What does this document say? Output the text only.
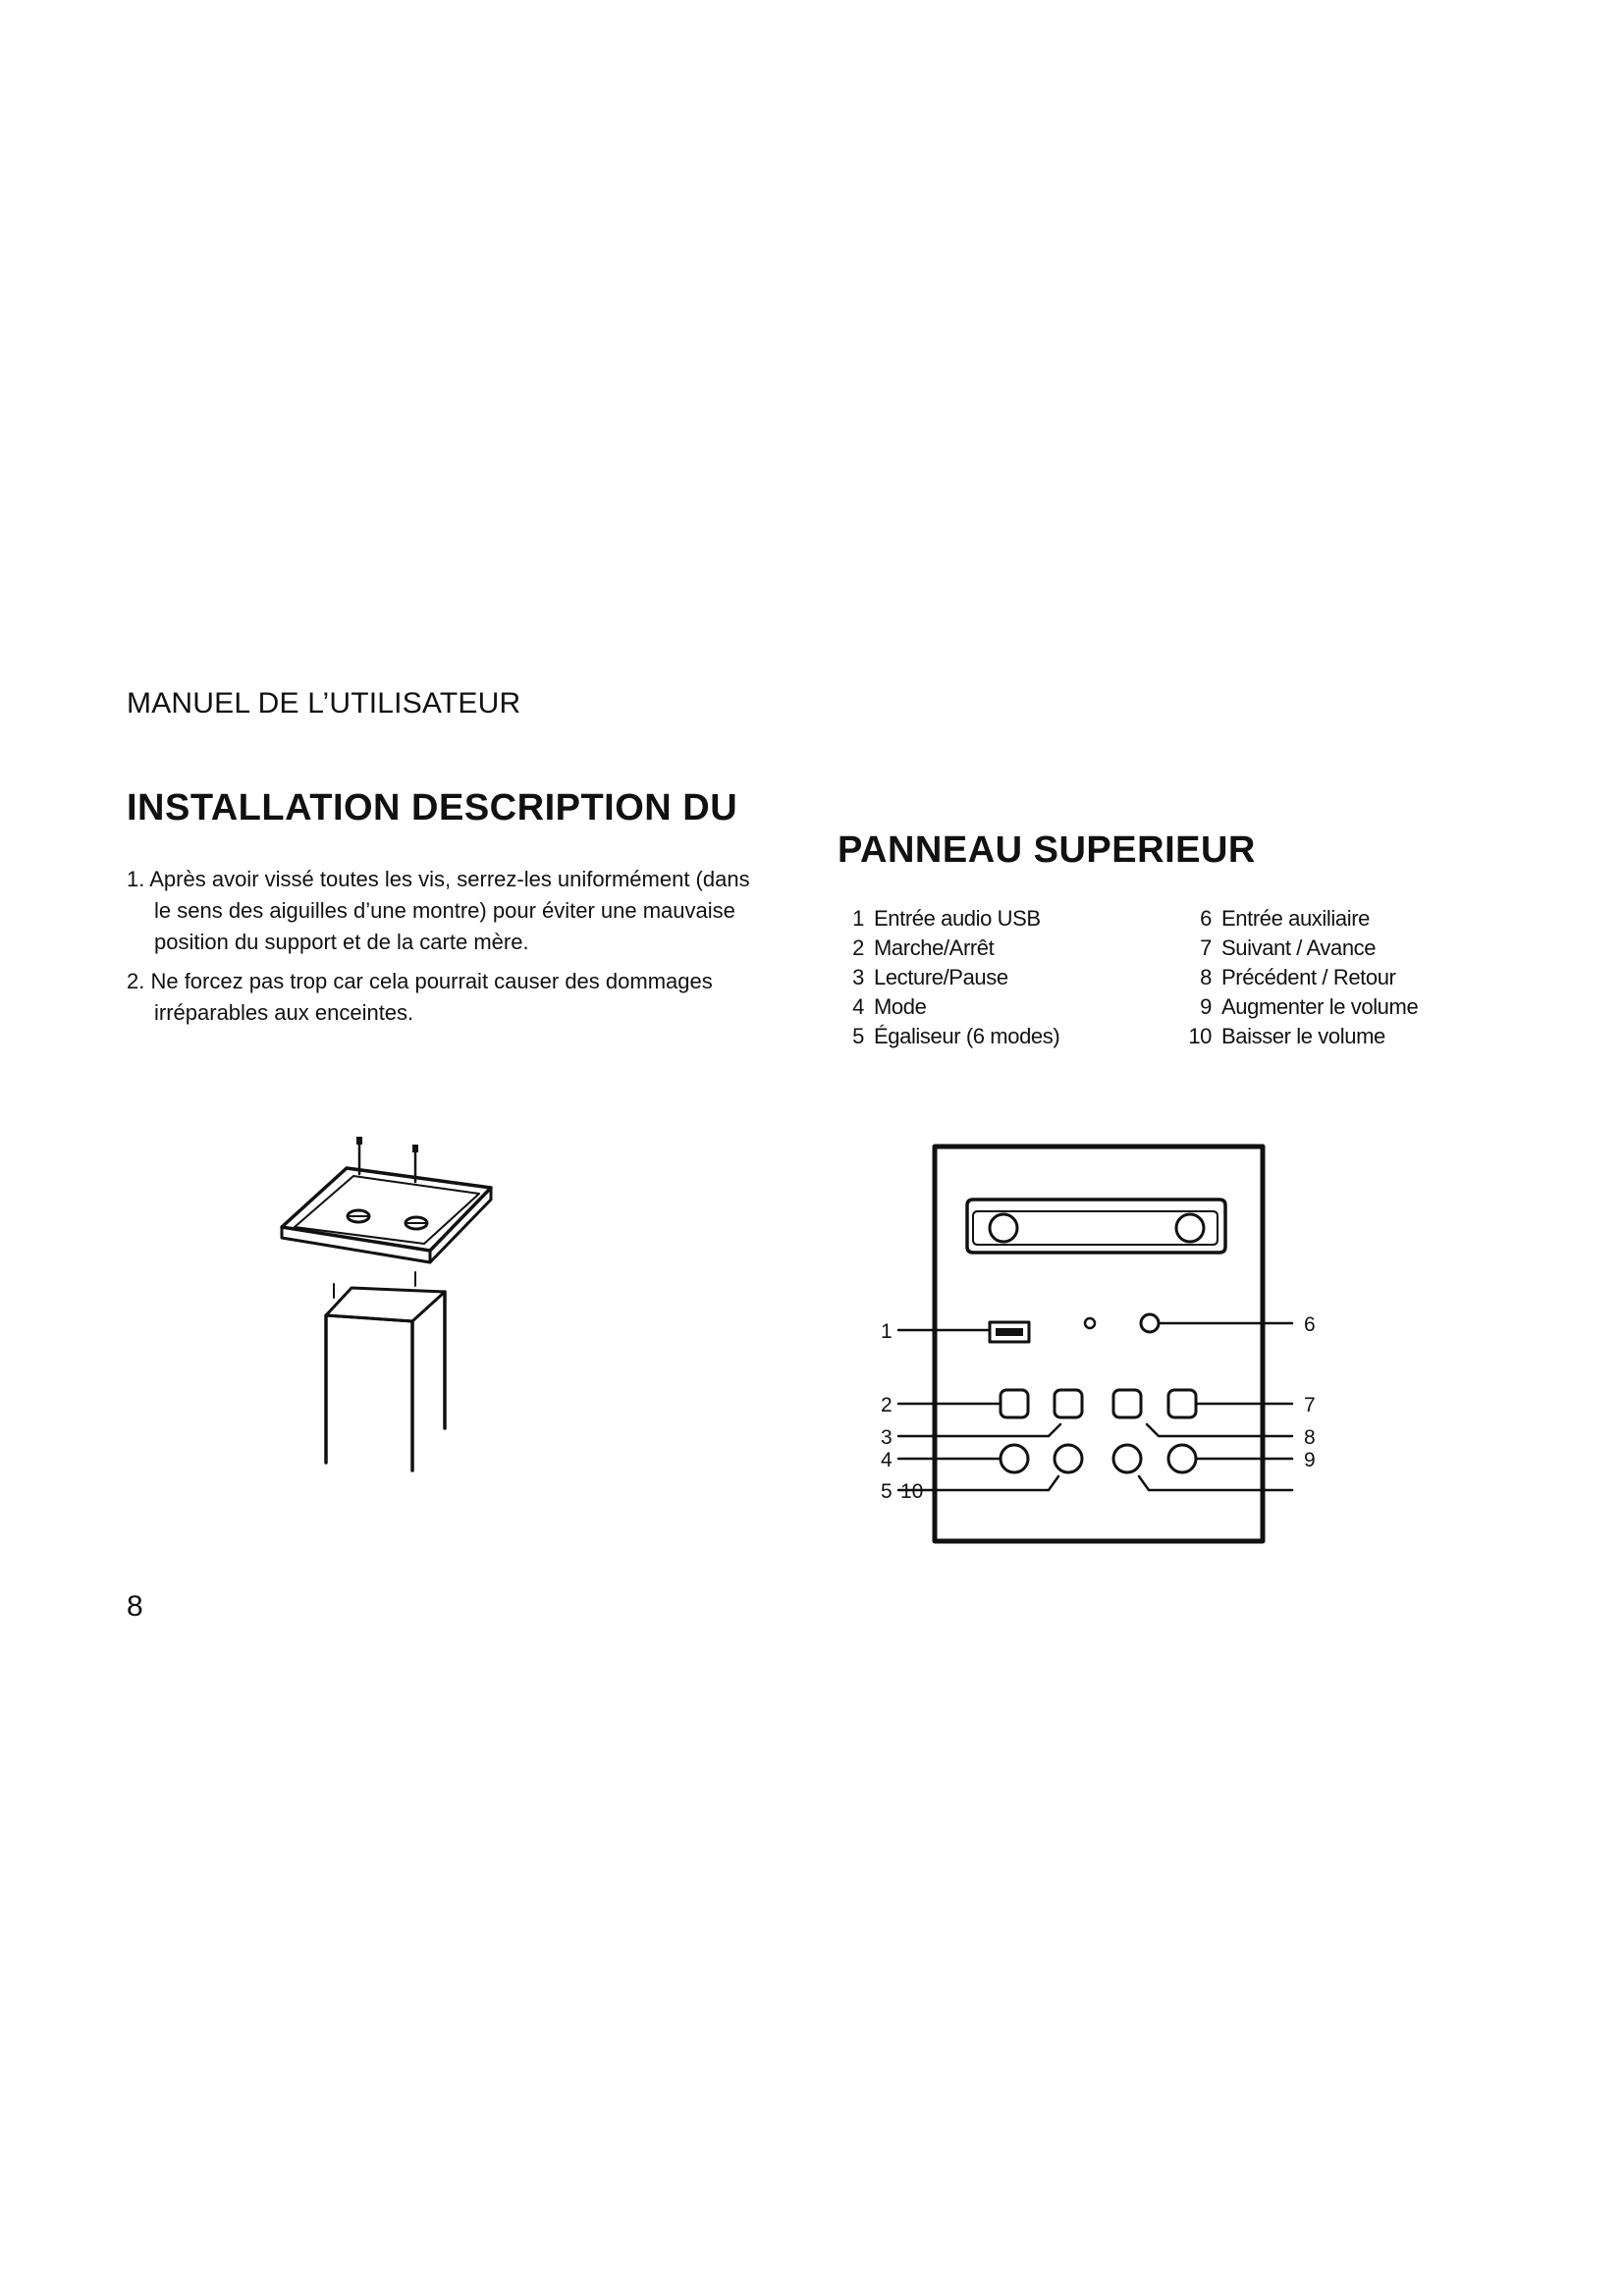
MANUEL DE L’UTILISATEUR
INSTALLATION DESCRIPTION DU
PANNEAU SUPERIEUR
1. Après avoir vissé toutes les vis, serrez-les uniformément (dans
le sens des aiguilles d’une montre) pour éviter une mauvaise
position du support et de la carte mère.
2. Ne forcez pas trop car cela pourrait causer des dommages
irréparables aux enceintes.
1 Entrée audio USB
2 Marche/Arrêt
3 Lecture/Pause
4 Mode
5 Égaliseur (6 modes)
6 Entrée auxiliaire
7 Suivant / Avance
8 Précédent / Retour
9 Augmenter le volume
10 Baisser le volume
1
2
3
4
5 10
6
7
8
9
8
